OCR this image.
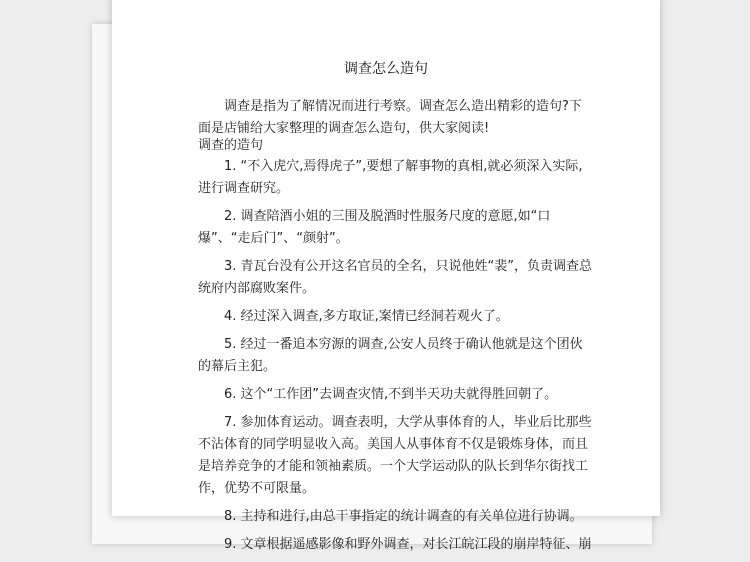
调查怎么造句
调查是指为了解情况而进行考察。调查怎么造出精彩的造句?下面是店铺给大家整理的调查怎么造句，供大家阅读!
调查的造句

1. “不入虎穴,焉得虎子”,要想了解事物的真相,就必须深入实际,进行调查研究。

2. 调查陪酒小姐的三围及脱酒时性服务尺度的意愿,如“口爆”、“走后门”、“颜射”。

3. 青瓦台没有公开这名官员的全名，只说他姓“裴”，负责调查总统府内部腐败案件。

4. 经过深入调查,多方取证,案情已经洞若观火了。

5. 经过一番追本穷源的调查,公安人员终于确认他就是这个团伙的幕后主犯。

6. 这个“工作团”去调查灾情,不到半天功夫就得胜回朝了。

7. 参加体育运动。调查表明，大学从事体育的人，毕业后比那些不沾体育的同学明显收入高。美国人从事体育不仅是锻炼身体，而且是培养竞争的才能和领袖素质。一个大学运动队的队长到华尔街找工作，优势不可限量。

8. 主持和进行,由总干事指定的统计调查的有关单位进行协调。

9. 文章根据遥感影像和野外调查，对长江皖江段的崩岸特征、崩
